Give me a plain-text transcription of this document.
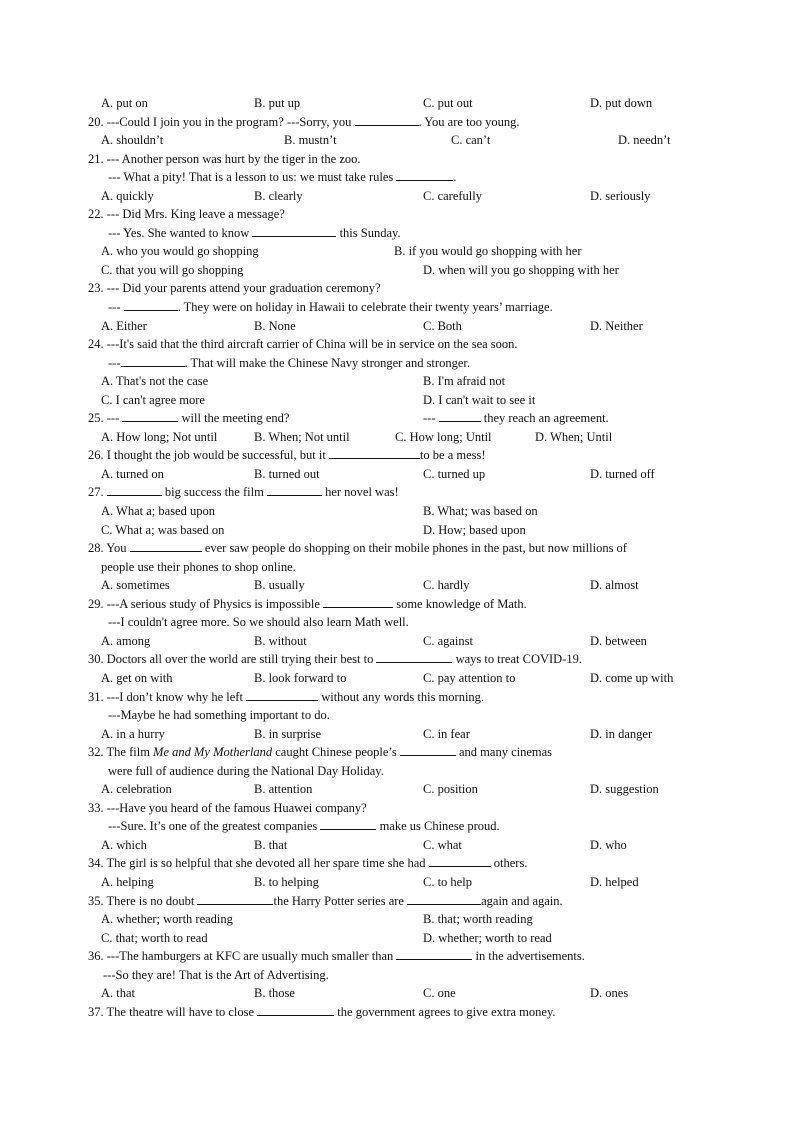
A. put on	B. put up	C. put out	D. put down
20. ---Could I join you in the program? ---Sorry, you	. You are too young.
A. shouldn’t	B. mustn’t	C. can’t	D. needn’t
21. --- Another person was hurt by the tiger in the zoo.
--- What a pity! That is a lesson to us: we must take rules	.
A. quickly	B. clearly	C. carefully	D. seriously
22. --- Did Mrs. King leave a message?
--- Yes. She wanted to know	this Sunday.
A. who you would go shopping	B. if you would go shopping with her
C. that you will go shopping	D. when will you go shopping with her
23. --- Did your parents attend your graduation ceremony?
---	. They were on holiday in Hawaii to celebrate their twenty years’ marriage.
A. Either	B. None	C. Both	D. Neither
24. ---It's said that the third aircraft carrier of China will be in service on the sea soon.
---	. That will make the Chinese Navy stronger and stronger.
A. That's not the case	B. I'm afraid not
C. I can't agree more	D. I can't wait to see it
25. ---	will the meeting end?	---	they reach an agreement.
A. How long; Not until	B. When; Not until	C. How long; Until	D. When; Until
26. I thought the job would be successful, but it	to be a mess!
A. turned on	B. turned out	C. turned up	D. turned off
27.	big success the film	her novel was!
A. What a; based upon	B. What; was based on
C. What a; was based on	D. How; based upon
28. You	ever saw people do shopping on their mobile phones in the past, but now millions of
people use their phones to shop online.
A. sometimes	B. usually	C. hardly	D. almost
29. ---A serious study of Physics is impossible	some knowledge of Math.
---I couldn't agree more. So we should also learn Math well.
A. among	B. without	C. against	D. between
30. Doctors all over the world are still trying their best to	ways to treat COVID-19.
A. get on with	B. look forward to	C. pay attention to	D. come up with
31. ---I don’t know why he left	without any words this morning.
---Maybe he had something important to do.
A. in a hurry	B. in surprise	C. in fear	D. in danger
32. The film Me and My Motherland caught Chinese people’s	and many cinemas
were full of audience during the National Day Holiday.
A. celebration	B. attention	C. position	D. suggestion
33. ---Have you heard of the famous Huawei company?
---Sure. It’s one of the greatest companies	make us Chinese proud.
A. which	B. that	C. what	D. who
34. The girl is so helpful that she devoted all her spare time she had	others.
A. helping	B. to helping	C. to help	D. helped
35. There is no doubt	the Harry Potter series are	again and again.
A. whether; worth reading	B. that; worth reading
C. that; worth to read	D. whether; worth to read
36. ---The hamburgers at KFC are usually much smaller than	in the advertisements.
---So they are! That is the Art of Advertising.
A. that	B. those	C. one	D. ones
37. The theatre will have to close	the government agrees to give extra money.
